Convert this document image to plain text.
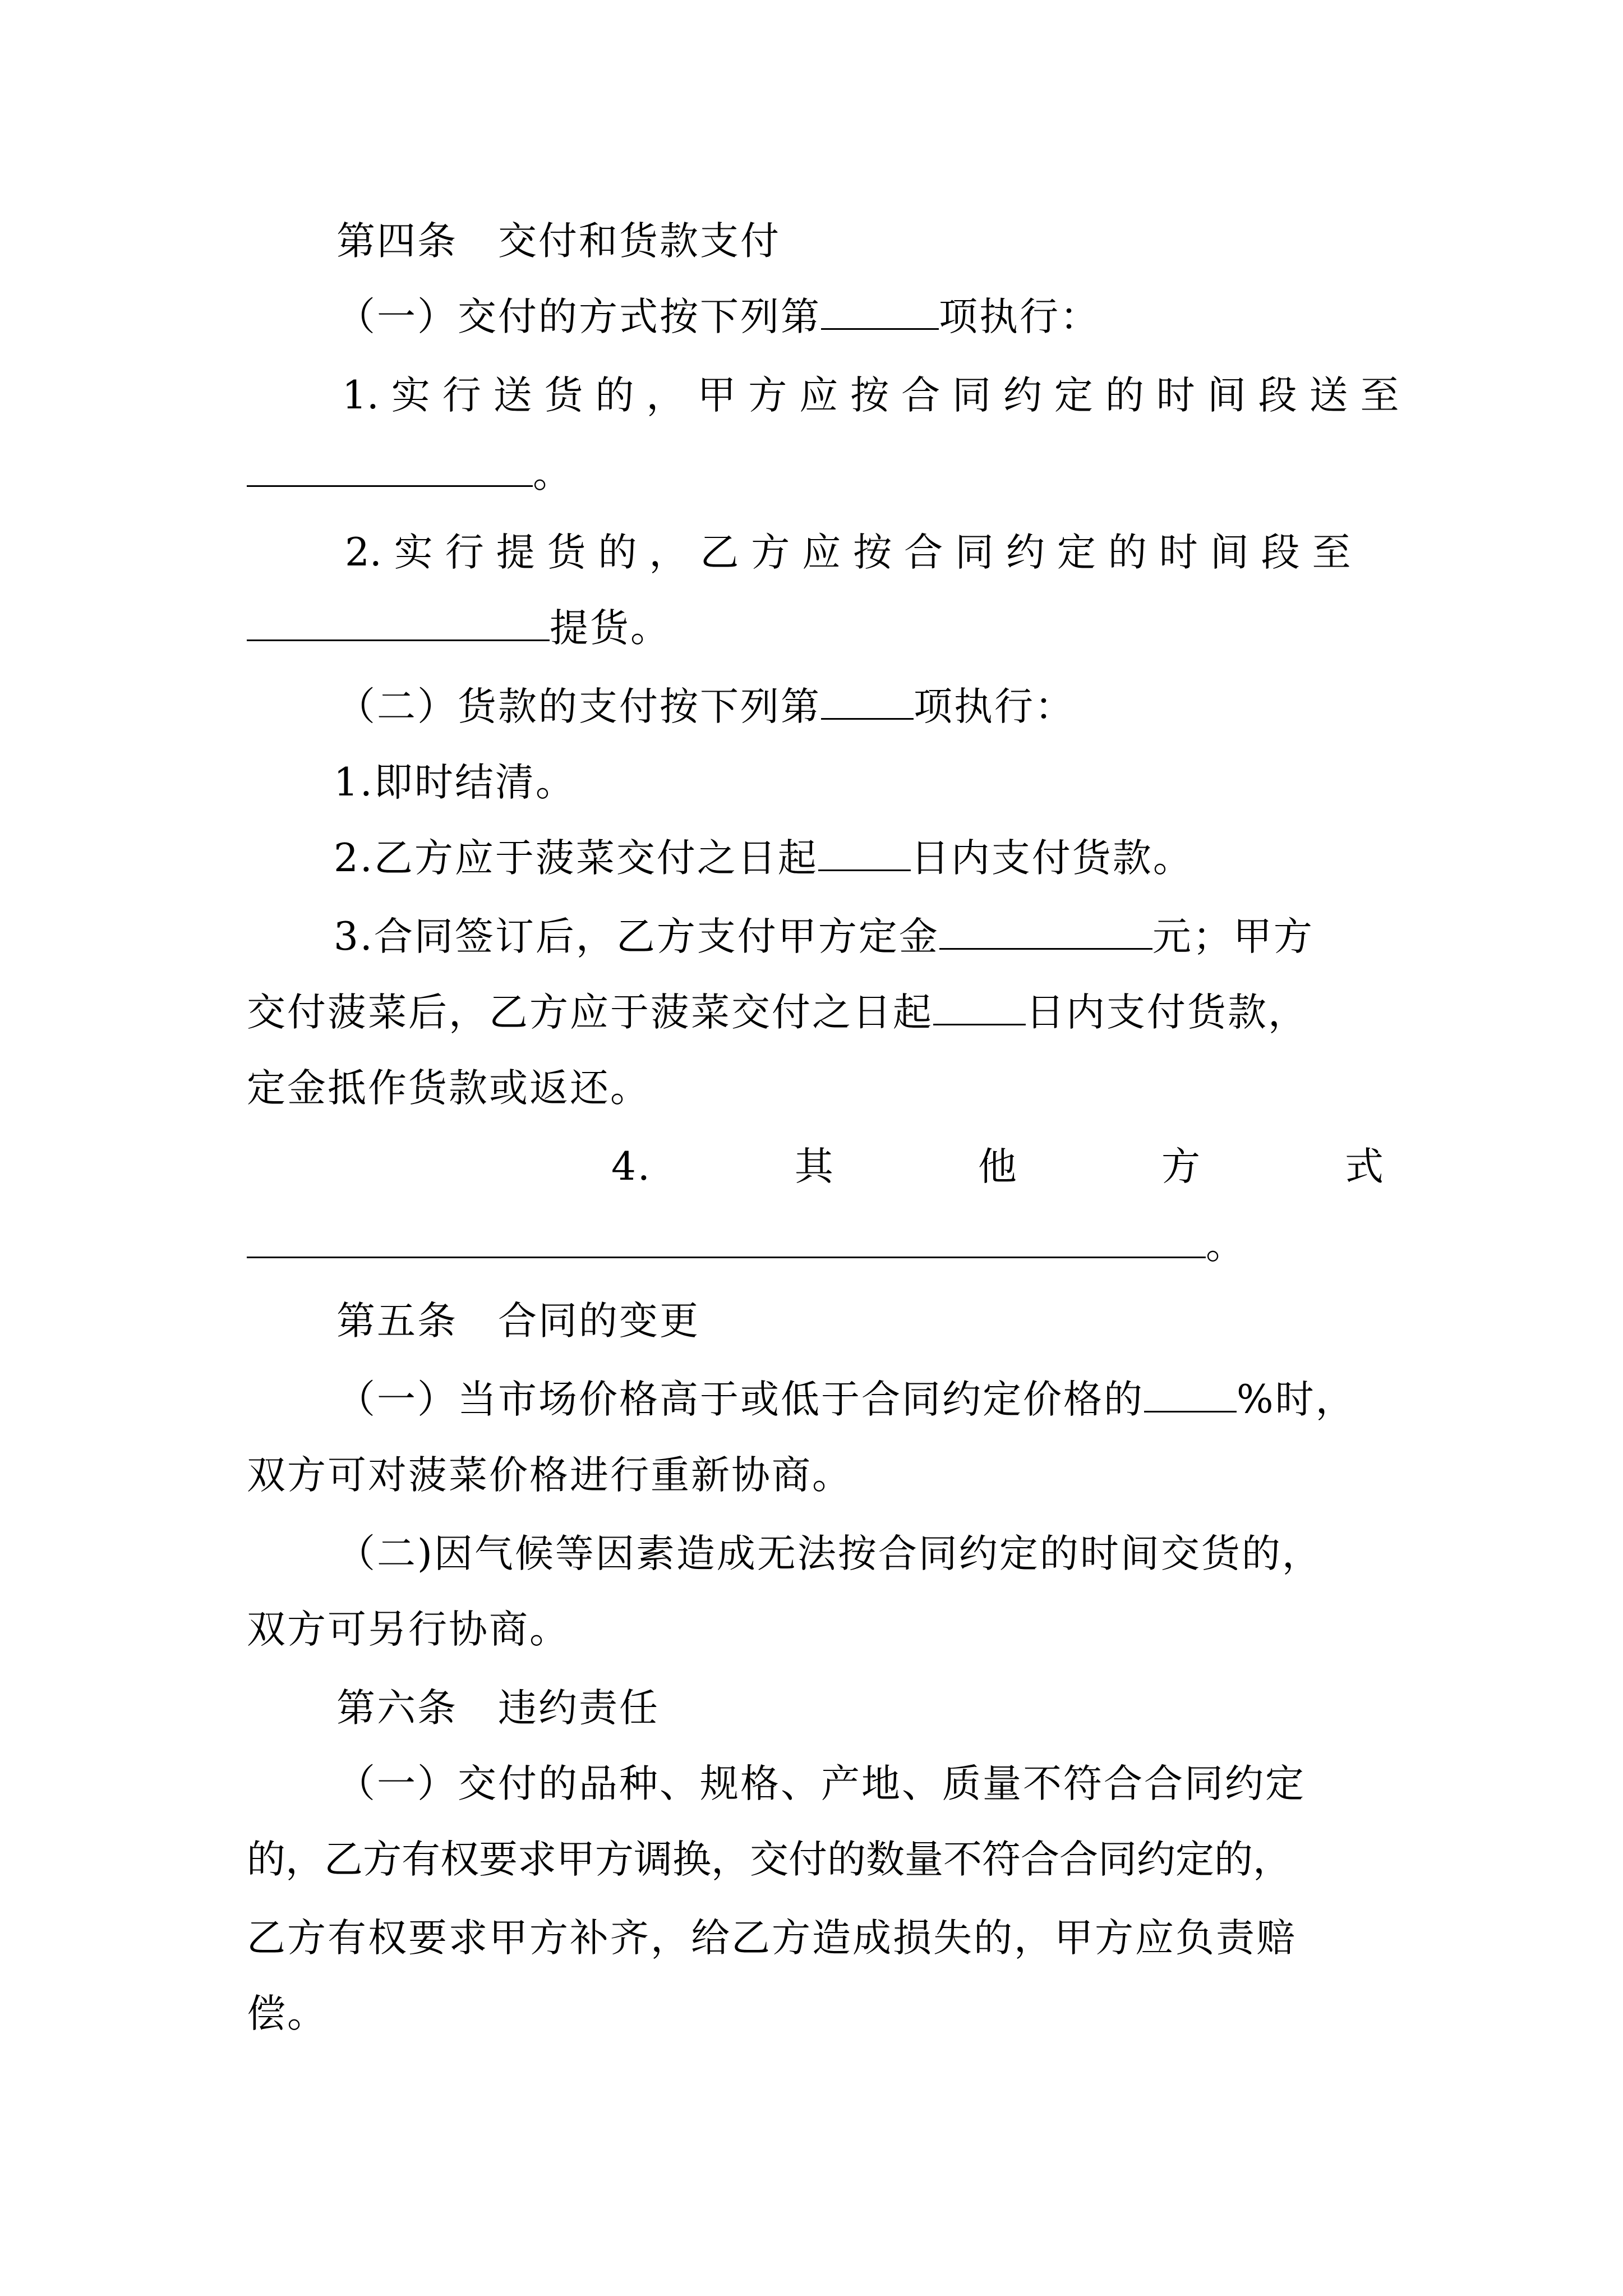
第四条　交付和货款支付
（一）交付的方式按下列第	项执行：
1. 实 行 送 货 的 ， 甲 方 应 按 合 同 约 定 的 时 间 段 送 至
。
2. 实 行 提 货 的 ， 乙 方 应 按 合 同 约 定 的 时 间 段 至
提货。
（二）货款的支付按下列第 项执行：
1.即时结清。
2.乙方应于菠菜交付之日起 日内支付货款。
3.合同签订后，乙方支付甲方定金	元；甲方
交付菠菜后，乙方应于菠菜交付之日起 日内支付货款，
定金抵作货款或返还。
4.	其	他	方	式
。
第五条　合同的变更
（一）当市场价格高于或低于合同约定价格的 %时，
双方可对菠菜价格进行重新协商。
（二)因气候等因素造成无法按合同约定的时间交货的，
双方可另行协商。
第六条　违约责任
（一）交付的品种、规格、产地、质量不符合合同约定
的，乙方有权要求甲方调换，交付的数量不符合合同约定的，
乙方有权要求甲方补齐，给乙方造成损失的，甲方应负责赔
偿。
